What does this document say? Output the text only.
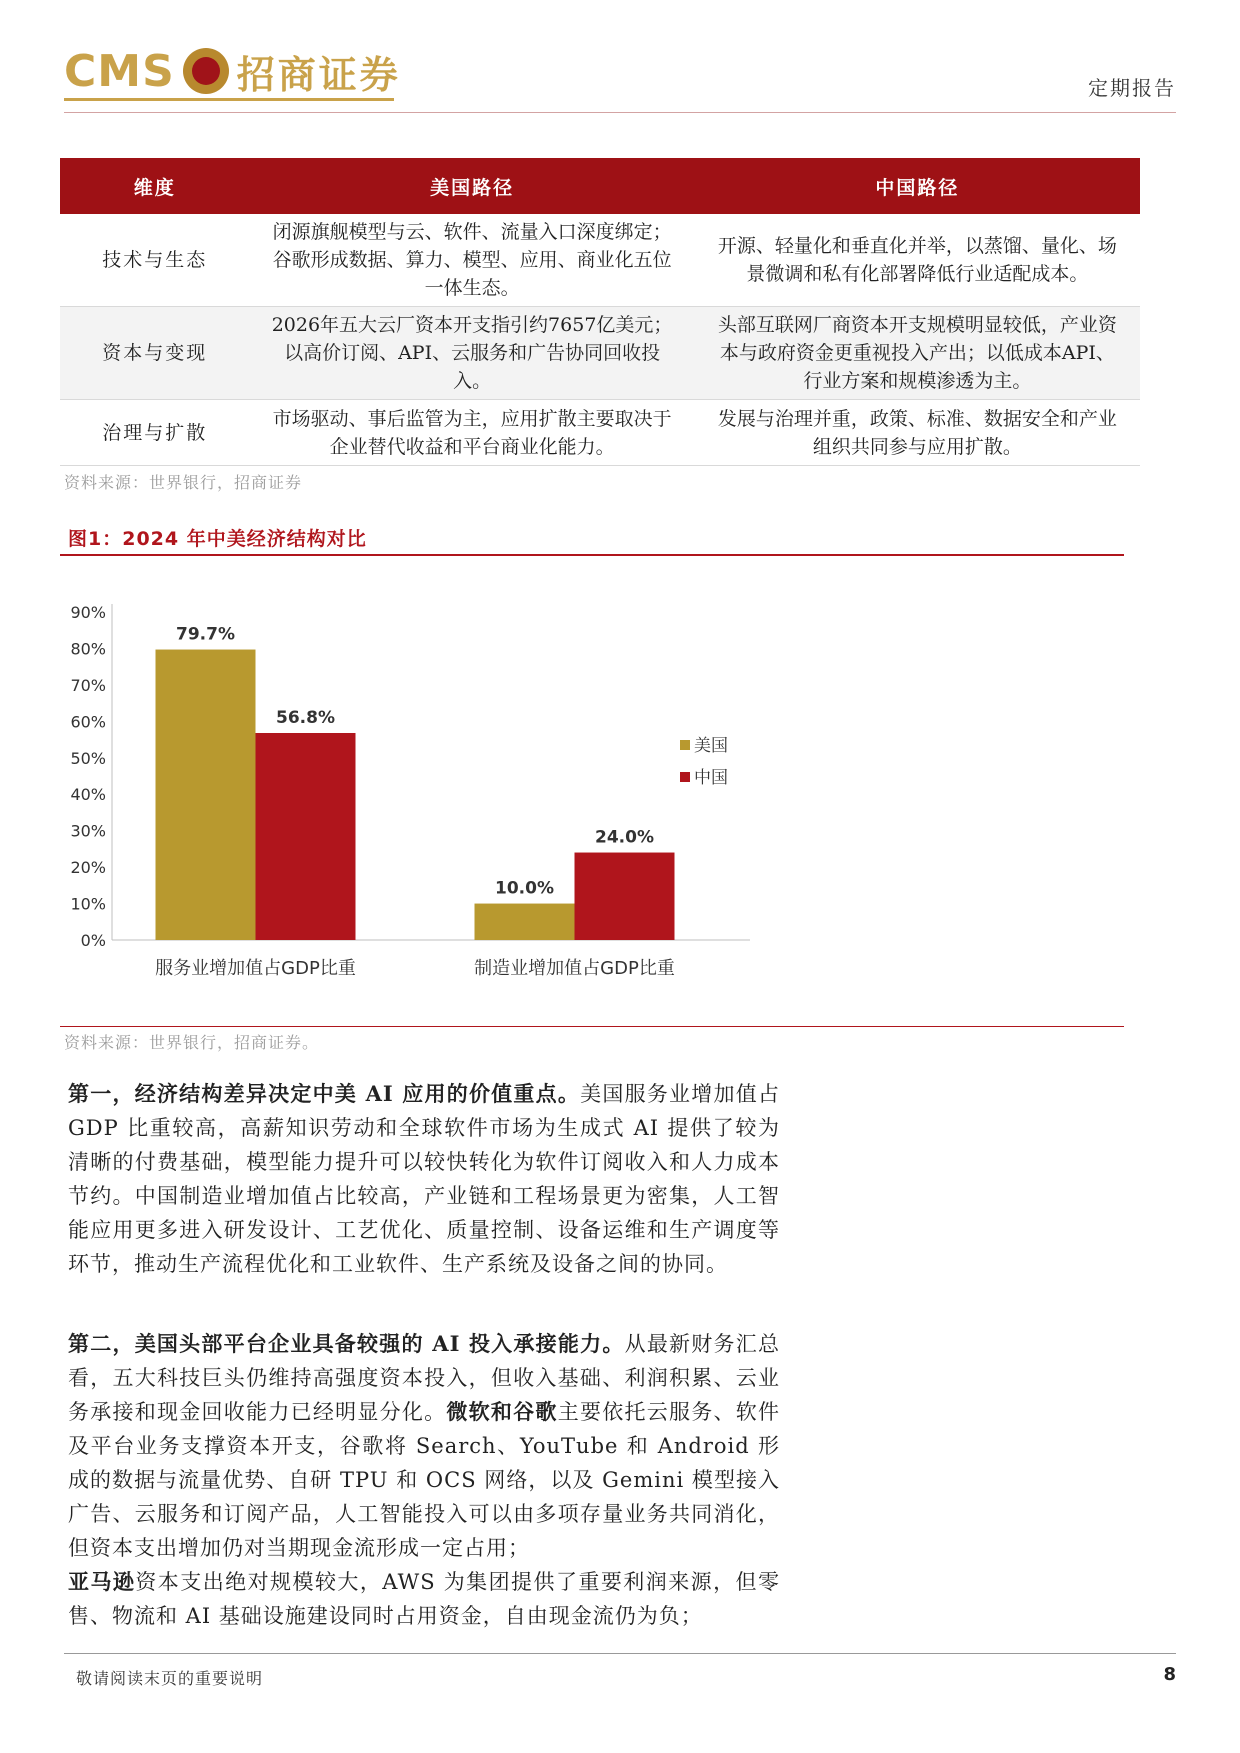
CMS 招商证券	定期报告
维度	美国路径	中国路径
技术与生态	闭源旗舰模型与云、软件、流量入口深度绑定；谷歌形成数据、算力、模型、应用、商业化五位一体生态。	开源、轻量化和垂直化并举，以蒸馏、量化、场景微调和私有化部署降低行业适配成本。
资本与变现	2026年五大云厂资本开支指引约7657亿美元；以高价订阅、API、云服务和广告协同回收投入。	头部互联网厂商资本开支规模明显较低，产业资本与政府资金更重视投入产出；以低成本API、行业方案和规模渗透为主。
治理与扩散	市场驱动、事后监管为主，应用扩散主要取决于企业替代收益和平台商业化能力。	发展与治理并重，政策、标准、数据安全和产业组织共同参与应用扩散。
资料来源：世界银行，招商证券
图1：2024 年中美经济结构对比
0%
10%
20%
30%
40%
50%
60%
70%
80%
90%
79.7%
56.8%
服务业增加值占GDP比重
10.0%
24.0%
制造业增加值占GDP比重
美国
中国
资料来源：世界银行，招商证券。
第一，经济结构差异决定中美 AI 应用的价值重点。美国服务业增加值占 GDP 比重较高，高薪知识劳动和全球软件市场为生成式 AI 提供了较为清晰的付费基础，模型能力提升可以较快转化为软件订阅收入和人力成本节约。中国制造业增加值占比较高，产业链和工程场景更为密集，人工智能应用更多进入研发设计、工艺优化、质量控制、设备运维和生产调度等环节，推动生产流程优化和工业软件、生产系统及设备之间的协同。
第二，美国头部平台企业具备较强的 AI 投入承接能力。从最新财务汇总看，五大科技巨头仍维持高强度资本投入，但收入基础、利润积累、云业务承接和现金回收能力已经明显分化。微软和谷歌主要依托云服务、软件及平台业务支撑资本开支，谷歌将 Search、YouTube 和 Android 形成的数据与流量优势、自研 TPU 和 OCS 网络，以及 Gemini 模型接入广告、云服务和订阅产品，人工智能投入可以由多项存量业务共同消化，但资本支出增加仍对当期现金流形成一定占用；
亚马逊资本支出绝对规模较大，AWS 为集团提供了重要利润来源，但零售、物流和 AI 基础设施建设同时占用资金，自由现金流仍为负；
敬请阅读末页的重要说明	8
